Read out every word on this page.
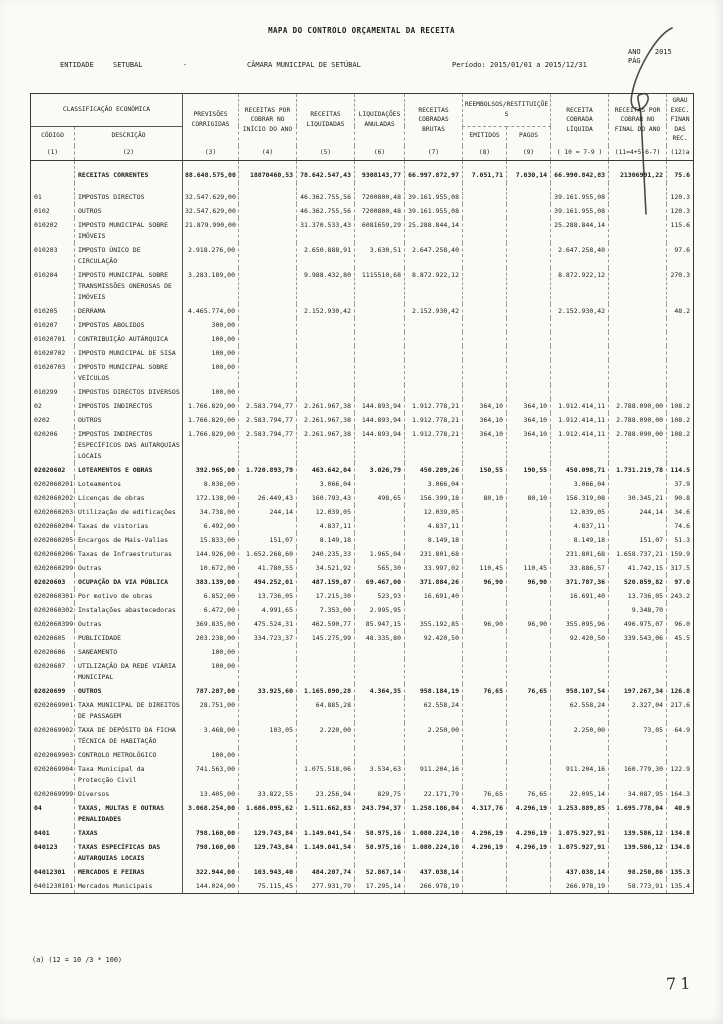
MAPA DO CONTROLO ORÇAMENTAL DA RECEITA
ENTIDADE	SETUBAL	-	CÂMARA MUNICIPAL DE SETÚBAL	Período: 2015/01/01 a 2015/12/31
ANO 2015
PÁG
CLASSIFICAÇÃO ECONÓMICA		PREVISÕES CORRIGIDAS	RECEITAS POR COBRAR NO INÍCIO DO ANO	RECEITAS LIQUIDADAS	LIQUIDAÇÕES ANULADAS	RECEITAS COBRADAS BRUTAS	REEMBOLSOS/RESTITUIÇÕES		RECEITA COBRADA LÍQUIDA	RECEITAS POR COBRAR NO FINAL DO ANO	GRAU EXEC. FINAN DAS REC.
CÓDIGO	DESCRIÇÃO						EMITIDOS	PAGOS			
(1)	(2)	(3)	(4)	(5)	(6)	(7)	(8)	(9)	( 10 = 7-9 )	(11=4+5-6-7)	(12)a
	RECEITAS CORRENTES	88.648.575,00	18870460,53	78.642.547,43	9308143,77	66.997.872,97	7.051,71	7.030,14	66.990.842,83	21306991,22	75.6
01	IMPOSTOS DIRECTOS	32.547.629,00		46.362.755,56	7200800,48	39.161.955,08			39.161.955,08		120.3
0102	OUTROS	32.547.629,00		46.362.755,56	7200800,48	39.161.955,08			39.161.955,08		120.3
010202	IMPOSTO MUNICIPAL SOBRE IMÓVEIS	21.879.990,00		31.370.533,43	6081659,29	25.288.844,14			25.288.844,14		115.6
010203	IMPOSTO ÚNICO DE CIRCULAÇÃO	2.918.276,00		2.650.888,91	3.630,51	2.647.258,40			2.647.258,40		97.6
010204	IMPOSTO MUNICIPAL SOBRE TRANSMISSÕES ONEROSAS DE IMÓVEIS	3.283.189,00		9.988.432,80	1115510,68	8.872.922,12			8.872.922,12		270.3
010205	DERRAMA	4.465.774,00		2.152.930,42		2.152.930,42			2.152.930,42		48.2
010207	IMPOSTOS ABOLIDOS	300,00									
01020701	CONTRIBUIÇÃO AUTÁRQUICA	100,00									
01020702	IMPOSTO MUNICIPAL DE SISA	100,00									
01020703	IMPOSTO MUNICIPAL SOBRE VEÍCULOS	100,00									
010299	IMPOSTOS DIRECTOS DIVERSOS	100,00									
02	IMPOSTOS INDIRECTOS	1.766.829,00	2.583.794,77	2.261.967,38	144.893,94	1.912.778,21	364,10	364,10	1.912.414,11	2.788.090,00	108.2
0202	OUTROS	1.766.829,00	2.583.794,77	2.261.967,38	144.893,94	1.912.778,21	364,10	364,10	1.912.414,11	2.788.090,00	108.2
020206	IMPOSTOS INDIRECTOS ESPECÍFICOS DAS AUTARQUIAS LOCAIS	1.766.829,00	2.583.794,77	2.261.967,38	144.893,94	1.912.778,21	364,10	364,10	1.912.414,11	2.788.090,00	108.2
02020602	LOTEAMENTOS E OBRAS	392.965,00	1.720.893,79	463.642,04	3.026,79	450.289,26	150,55	190,55	450.098,71	1.731.219,78	114.5
0202060201	Loteamentos	8.036,00		3.066,04		3.066,04			3.066,04		37.9
0202060202	Licenças de obras	172.138,00	26.449,43	160.793,43	498,65	156.399,18	80,10	80,10	156.319,08	30.345,21	90.8
0202060203	Utilização de edificações	34.738,00	244,14	12.039,05		12.039,05			12.039,05	244,14	34.6
0202060204	Taxas de vistorias	6.492,00		4.837,11		4.837,11			4.837,11		74.6
0202060205	Encargos de Mais-Valias	15.833,00	151,07	8.149,18		8.149,18			8.149,18	151,07	51.3
0202060206	Taxas de Infraestruturas	144.926,00	1.652.268,60	240.235,33	1.965,04	231.801,68			231.801,68	1.658.737,21	159.9
0202060299	Outras	10.672,00	41.780,55	34.521,92	565,30	33.997,02	110,45	110,45	33.886,57	41.742,15	317.5
02020603	OCUPAÇÃO DA VIA PÚBLICA	383.139,00	494.252,01	487.159,07	69.467,00	371.884,26	96,90	96,90	371.787,36	520.059,82	97.0
0202060301	Por motivo de obras	6.852,00	13.736,05	17.215,30	523,93	16.691,40			16.691,40	13.736,05	243.2
0202060302	Instalações abastecedoras	6.472,00	4.991,65	7.353,00	2.995,95					9.348,70	
0202060399	Outras	369.835,00	475.524,31	462.590,77	85.947,15	355.192,85	96,90	96,90	355.095,96	496.975,07	96.0
02020605	PUBLICIDADE	203.238,00	334.723,37	145.275,99	48.335,80	92.420,50			92.420,50	339.543,06	45.5
02020606	SANEAMENTO	100,00									
02020607	UTILIZAÇÃO DA REDE VIÁRIA MUNICIPAL	100,00									
02020699	OUTROS	787.287,00	33.925,60	1.165.890,28	4.364,35	958.184,19	76,65	76,65	958.107,54	197.267,34	126.8
0202069901	TAXA MUNICIPAL DE DIREITOS DE PASSAGEM	28.751,00		64.885,28		62.558,24			62.558,24	2.327,04	217.6
0202069902	TAXA DE DEPÓSITO DA FICHA TÉCNICA DE HABITAÇÃO	3.468,00	103,05	2.220,00		2.250,00			2.250,00	73,05	64.9
0202069903	CONTROLO METROLÓGICO	100,00									
0202069904	Taxa Municipal da Protecção Civil	741.563,00		1.075.518,06	3.534,63	911.204,16			911.204,16	160.779,30	122.9
0202069999	Diversos	13.405,00	33.822,55	23.256,94	829,75	22.171,79	76,65	76,65	22.095,14	34.087,95	164.3
04	TAXAS, MULTAS E OUTRAS PENALIDADES	3.068.254,00	1.686.095,62	1.511.662,83	243.794,37	1.258.186,04	4.317,76	4.296,19	1.253.889,85	1.695.778,04	40.9
0401	TAXAS	798.160,00	129.743,84	1.149.041,54	58.975,16	1.080.224,10	4.296,19	4.296,19	1.075.927,91	139.586,12	134.8
040123	TAXAS ESPECÍFICAS DAS AUTARQUIAS LOCAIS	798.160,00	129.743,84	1.149.041,54	58.975,16	1.080.224,10	4.296,19	4.296,19	1.075.927,91	139.586,12	134.8
04012301	MERCADOS E FEIRAS	322.944,00	103.943,40	484.207,74	52.867,14	437.038,14			437.038,14	98.250,86	135.3
0401230101	Mercados Municipais	144.024,00	75.115,45	277.931,79	17.295,14	266.978,19			266.978,19	58.773,91	135.4
(a) (12 = 10 /3 * 100)
71
